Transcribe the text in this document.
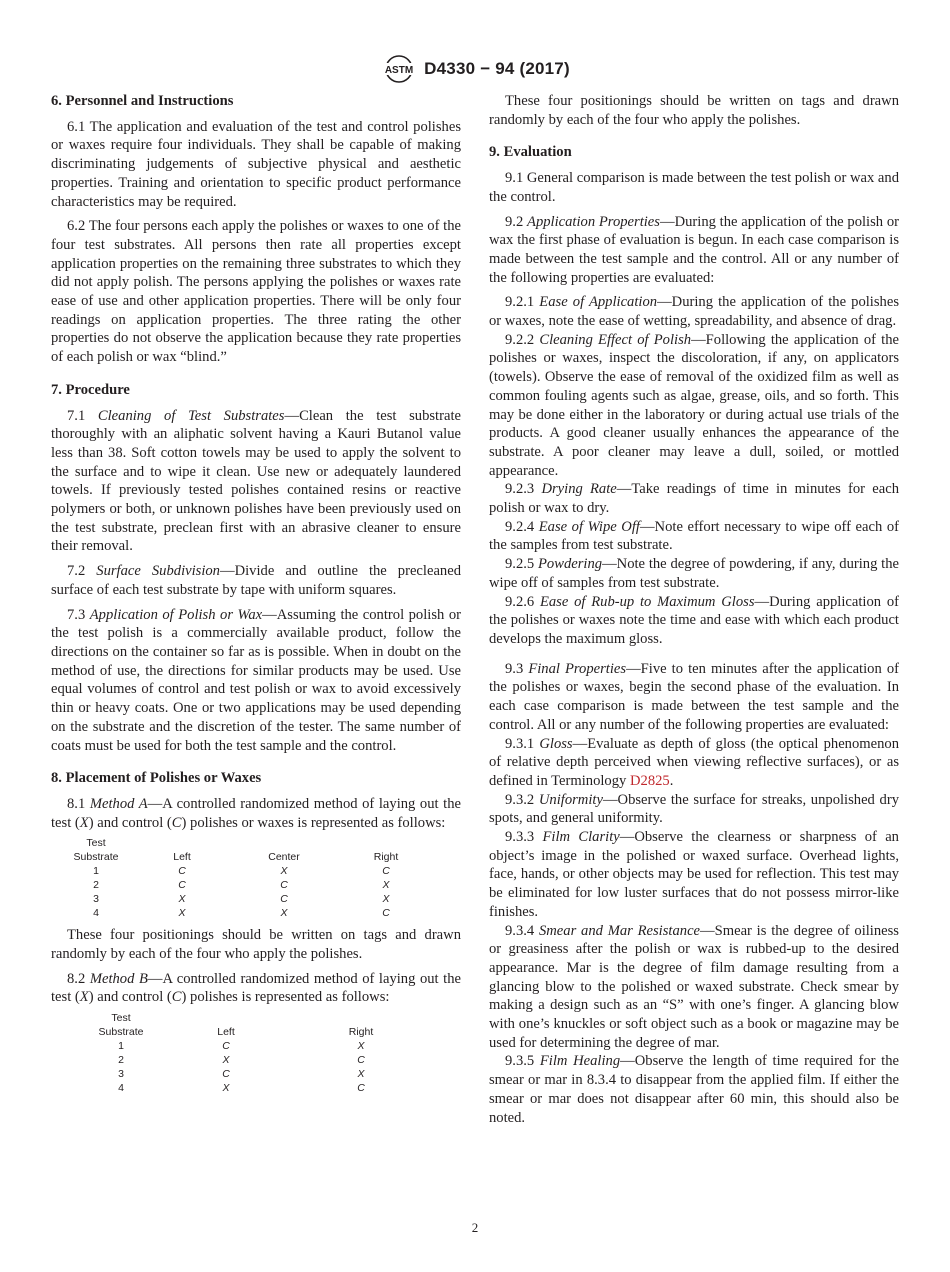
ASTM D4330 − 94 (2017)
6. Personnel and Instructions

6.1 The application and evaluation of the test and control polishes or waxes require four individuals. They shall be capable of making discriminating judgements of subjective physical and aesthetic properties. Training and orientation to specific product performance characteristics may be required.

6.2 The four persons each apply the polishes or waxes to one of the four test substrates. All persons then rate all properties except application properties on the remaining three substrates to which they did not apply polish. The persons applying the polishes or waxes rate ease of use and other application properties. There will be only four readings on application properties. The three rating the other properties do not observe the application because they rate properties of each polish or wax “blind.”

7. Procedure

7.1 Cleaning of Test Substrates—Clean the test substrate thoroughly with an aliphatic solvent having a Kauri Butanol value less than 38. Soft cotton towels may be used to apply the solvent to the surface and to wipe it clean. Use new or adequately laundered towels. If previously tested polishes contained resins or reactive polymers or both, or unknown polishes have been previously used on the test substrate, preclean first with an abrasive cleaner to ensure their removal.

7.2 Surface Subdivision—Divide and outline the precleaned surface of each test substrate by tape with uniform squares.

7.3 Application of Polish or Wax—Assuming the control polish or the test polish is a commercially available product, follow the directions on the container so far as is possible. When in doubt on the method of use, the directions for similar products may be used. Use equal volumes of control and test polish or wax to avoid excessively thin or heavy coats. One or two applications may be used depending on the substrate and the discretion of the tester. The same number of coats must be used for both the test sample and the control.

8. Placement of Polishes or Waxes

8.1 Method A—A controlled randomized method of laying out the test (X) and control (C) polishes or waxes is represented as follows:

Test			
Substrate	Left	Center	Right
1	C	X	C
2	C	C	X
3	X	C	X
4	X	X	C

These four positionings should be written on tags and drawn randomly by each of the four who apply the polishes.

8.2 Method B—A controlled randomized method of laying out the test (X) and control (C) polishes is represented as follows:

Test		
Substrate	Left	Right
1	C	X
2	X	C
3	C	X
4	X	C

These four positionings should be written on tags and drawn randomly by each of the four who apply the polishes.

9. Evaluation

9.1 General comparison is made between the test polish or wax and the control.

9.2 Application Properties—During the application of the polish or wax the first phase of evaluation is begun. In each case comparison is made between the test sample and the control. All or any number of the following properties are evaluated:

9.2.1 Ease of Application—During the application of the polishes or waxes, note the ease of wetting, spreadability, and absence of drag.

9.2.2 Cleaning Effect of Polish—Following the application of the polishes or waxes, inspect the discoloration, if any, on applicators (towels). Observe the ease of removal of the oxidized film as well as common fouling agents such as algae, grease, oils, and so forth. This may be done either in the laboratory or during actual use trials of the products. A good cleaner usually enhances the appearance of the substrate. A poor cleaner may leave a dull, soiled, or mottled appearance.

9.2.3 Drying Rate—Take readings of time in minutes for each polish or wax to dry.

9.2.4 Ease of Wipe Off—Note effort necessary to wipe off each of the samples from test substrate.

9.2.5 Powdering—Note the degree of powdering, if any, during the wipe off of samples from test substrate.

9.2.6 Ease of Rub-up to Maximum Gloss—During application of the polishes or waxes note the time and ease with which each product develops the maximum gloss.

9.3 Final Properties—Five to ten minutes after the application of the polishes or waxes, begin the second phase of the evaluation. In each case comparison is made between the test sample and the control. All or any number of the following properties are evaluated:

9.3.1 Gloss—Evaluate as depth of gloss (the optical phenomenon of relative depth perceived when viewing reflective surfaces), or as defined in Terminology D2825.

9.3.2 Uniformity—Observe the surface for streaks, unpolished dry spots, and general uniformity.

9.3.3 Film Clarity—Observe the clearness or sharpness of an object’s image in the polished or waxed surface. Overhead lights, face, hands, or other objects may be used for reflection. This test may be eliminated for low luster surfaces that do not possess mirror-like finishes.

9.3.4 Smear and Mar Resistance—Smear is the degree of oiliness or greasiness after the polish or wax is rubbed-up to the desired appearance. Mar is the degree of film damage resulting from a glancing blow to the polished or waxed substrate. Check smear by making a design such as an “S” with one’s finger. A glancing blow with one’s knuckles or soft object such as a book or magazine may be used for determining the degree of mar.

9.3.5 Film Healing—Observe the length of time required for the smear or mar in 8.3.4 to disappear from the applied film. If either the smear or mar does not disappear after 60 min, this should also be noted.

2
